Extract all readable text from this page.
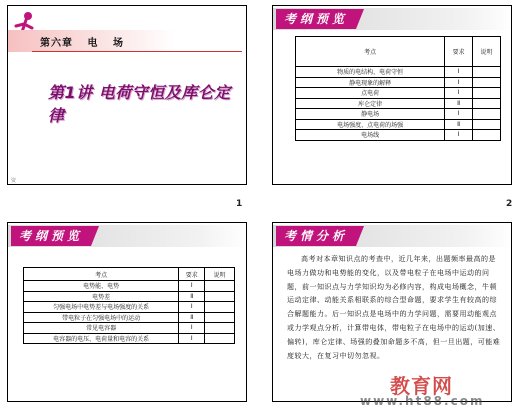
第六章 电 场
第1讲 电荷守恒及库仑定律
资
1
考纲预览
考点	要求	说明
物质的电结构、电荷守恒	Ⅰ	
静电现象的解释	Ⅰ	
点电荷	Ⅰ	
库仑定律	Ⅱ	
静电场	Ⅰ	
电场强度、点电荷的场强	Ⅱ	
电场线	Ⅰ	
2
考纲预览
考点	要求	说明
电势能、电势	Ⅰ	
电势差	Ⅱ	
匀强电场中电势差与电场强度的关系	Ⅰ	
带电粒子在匀强电场中的运动	Ⅱ	
常见电容器	Ⅰ	
电容器的电压、电荷量和电容的关系	Ⅰ	
考情分析
高考对本章知识点的考查中，近几年来，出题频率最高的是电场力做功和电势能的变化，以及带电粒子在电场中运动的问题，前一知识点与力学知识均为必修内容，构成电场概念，牛顿运动定律、动能关系相联系的综合型命题，要求学生有较高的综合解题能力。后一知识点是电场中的力学问题，需要用动能观点或力学观点分析，计算带电体，带电粒子在电场中的运动(加速、偏转)，库仑定律、场强的叠加命题多不高，但一旦出题，可能难度较大，在复习中切勿忽视。
教育网
www.ht88.com
